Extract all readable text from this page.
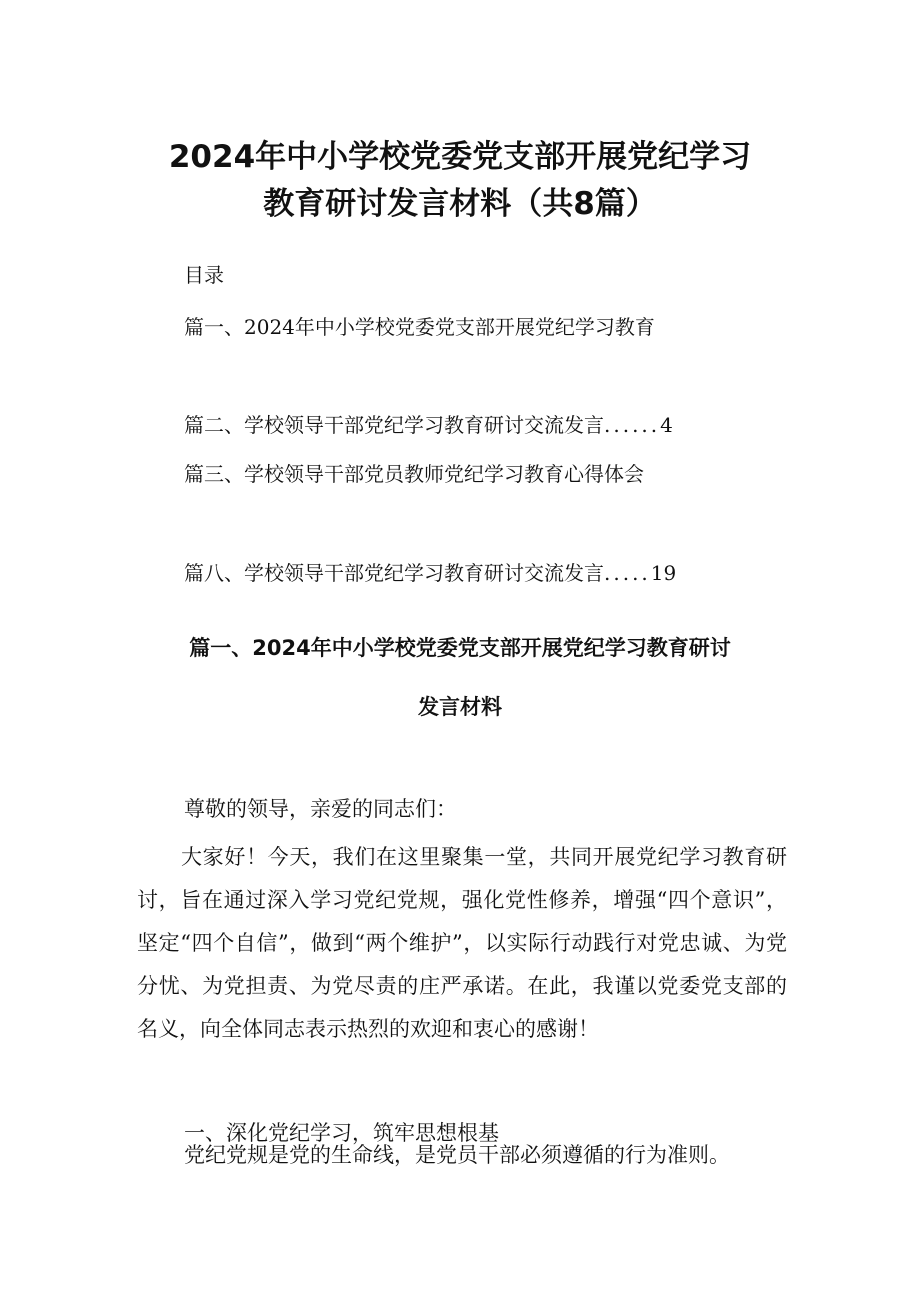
2024年中小学校党委党支部开展党纪学习
教育研讨发言材料（共8篇）
目录
篇一、2024年中小学校党委党支部开展党纪学习教育
篇二、学校领导干部党纪学习教育研讨交流发言......4
篇三、学校领导干部党员教师党纪学习教育心得体会
篇八、学校领导干部党纪学习教育研讨交流发言.....19
篇一、2024年中小学校党委党支部开展党纪学习教育研讨
发言材料
尊敬的领导，亲爱的同志们：

大家好！今天，我们在这里聚集一堂，共同开展党纪学习教育研讨，旨在通过深入学习党纪党规，强化党性修养，增强“四个意识”，坚定“四个自信”，做到“两个维护”，以实际行动践行对党忠诚、为党分忧、为党担责、为党尽责的庄严承诺。在此，我谨以党委党支部的名义，向全体同志表示热烈的欢迎和衷心的感谢！

一、深化党纪学习，筑牢思想根基
党纪党规是党的生命线，是党员干部必须遵循的行为准则。
